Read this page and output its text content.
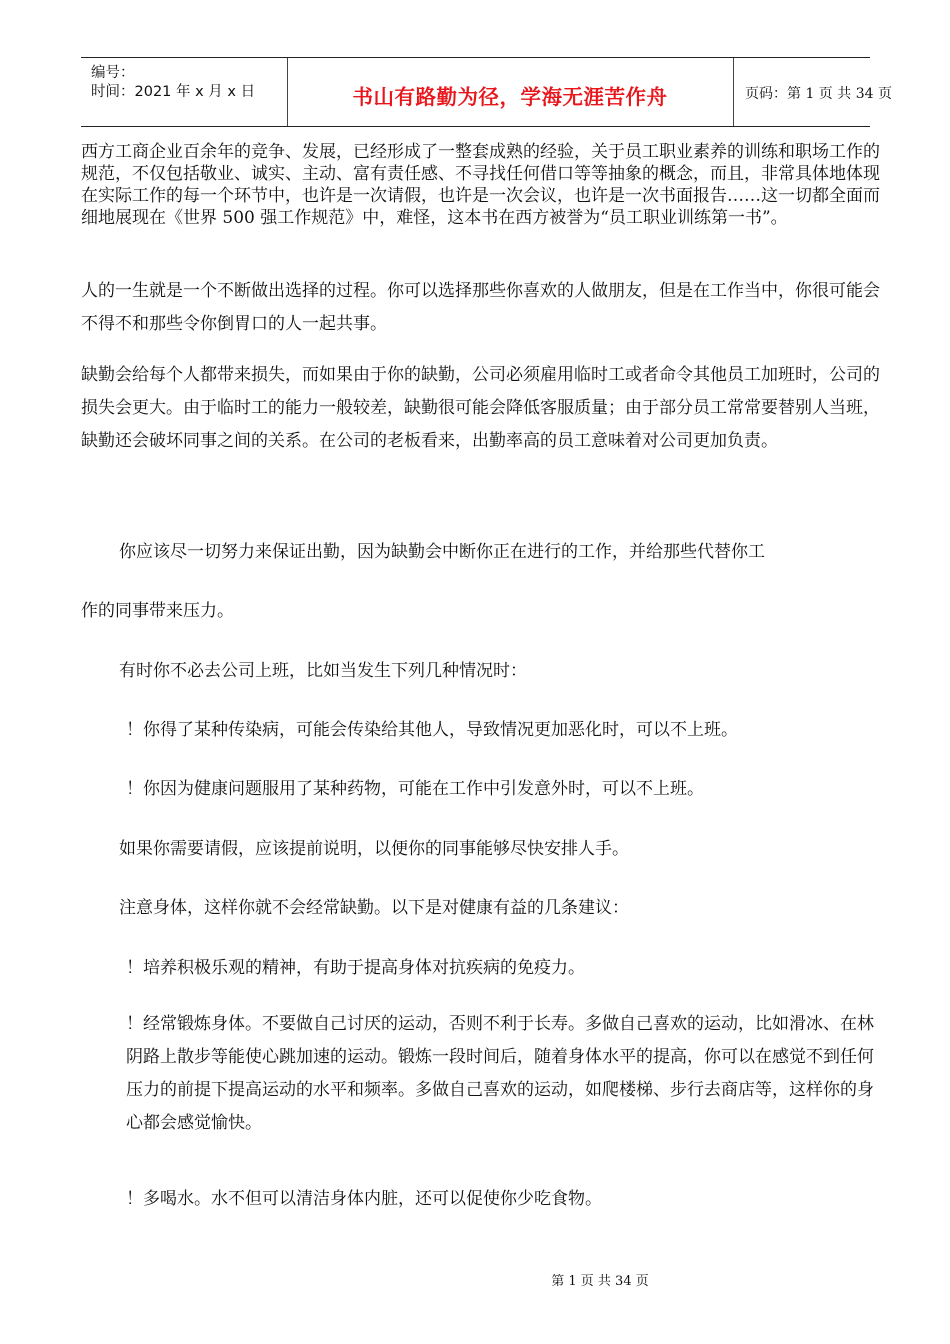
编号：
时间：2021 年 x 月 x 日	书山有路勤为径，学海无涯苦作舟	页码：第 1 页 共 34 页

西方工商企业百余年的竞争、发展，已经形成了一整套成熟的经验，关于员工职业素养的训练和职场工作的规范，不仅包括敬业、诚实、主动、富有责任感、不寻找任何借口等等抽象的概念，而且，非常具体地体现在实际工作的每一个环节中，也许是一次请假，也许是一次会议，也许是一次书面报告……这一切都全面而细地展现在《世界 500 强工作规范》中，难怪，这本书在西方被誉为“员工职业训练第一书”。

人的一生就是一个不断做出选择的过程。你可以选择那些你喜欢的人做朋友，但是在工作当中，你很可能会不得不和那些令你倒胃口的人一起共事。

缺勤会给每个人都带来损失，而如果由于你的缺勤，公司必须雇用临时工或者命令其他员工加班时，公司的损失会更大。由于临时工的能力一般较差，缺勤很可能会降低客服质量；由于部分员工常常要替别人当班，缺勤还会破坏同事之间的关系。在公司的老板看来，出勤率高的员工意味着对公司更加负责。

你应该尽一切努力来保证出勤，因为缺勤会中断你正在进行的工作，并给那些代替你工

作的同事带来压力。

有时你不必去公司上班，比如当发生下列几种情况时：

！你得了某种传染病，可能会传染给其他人，导致情况更加恶化时，可以不上班。

！你因为健康问题服用了某种药物，可能在工作中引发意外时，可以不上班。

如果你需要请假，应该提前说明，以便你的同事能够尽快安排人手。

注意身体，这样你就不会经常缺勤。以下是对健康有益的几条建议：

！培养积极乐观的精神，有助于提高身体对抗疾病的免疫力。

！经常锻炼身体。不要做自己讨厌的运动，否则不利于长寿。多做自己喜欢的运动，比如滑冰、在林阴路上散步等能使心跳加速的运动。锻炼一段时间后，随着身体水平的提高，你可以在感觉不到任何压力的前提下提高运动的水平和频率。多做自己喜欢的运动，如爬楼梯、步行去商店等，这样你的身心都会感觉愉快。

！多喝水。水不但可以清洁身体内脏，还可以促使你少吃食物。

第 1 页 共 34 页
